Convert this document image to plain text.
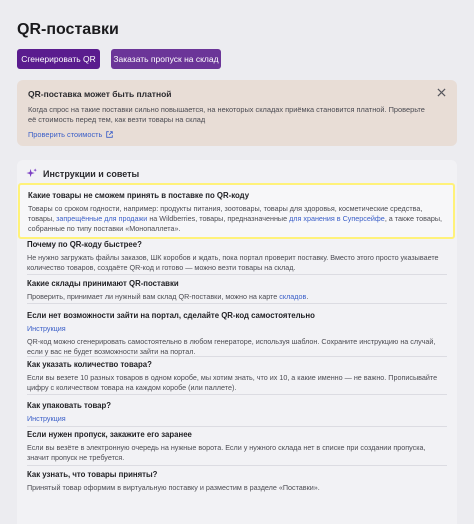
QR-поставки
Сгенерировать QR	Заказать пропуск на склад
QR-поставка может быть платной
Когда спрос на такие поставки сильно повышается, на некоторых складах приёмка становится платной. Проверьте её стоимость перед тем, как везти товары на склад
Проверить стоимость
Инструкции и советы
Какие товары не сможем принять в поставке по QR-коду
Товары со сроком годности, например: продукты питания, зоотовары, товары для здоровья, косметические средства, товары, запрещённые для продажи на Wildberries, товары, предназначенные для хранения в Суперсейфе, а также товары, собранные по типу поставки «Монопаллета».
Почему по QR-коду быстрее?
Не нужно загружать файлы заказов, ШК коробов и ждать, пока портал проверит поставку. Вместо этого просто указываете количество товаров, создаёте QR-код и готово — можно везти товары на склад.
Какие склады принимают QR-поставки
Проверить, принимает ли нужный вам склад QR-поставки, можно на карте складов.
Если нет возможности зайти на портал, сделайте QR-код самостоятельно
Инструкция
QR-код можно сгенерировать самостоятельно в любом генераторе, используя шаблон. Сохраните инструкцию на случай, если у вас не будет возможности зайти на портал.
Как указать количество товара?
Если вы везете 10 разных товаров в одном коробе, мы хотим знать, что их 10, а какие именно — не важно. Прописывайте цифру с количеством товара на каждом коробе (или паллете).
Как упаковать товар?
Инструкция
Если нужен пропуск, закажите его заранее
Если вы везёте в электронную очередь на нужные ворота. Если у нужного склада нет в списке при создании пропуска, значит пропуск не требуется.
Как узнать, что товары приняты?
Принятый товар оформим в виртуальную поставку и разместим в разделе «Поставки».
